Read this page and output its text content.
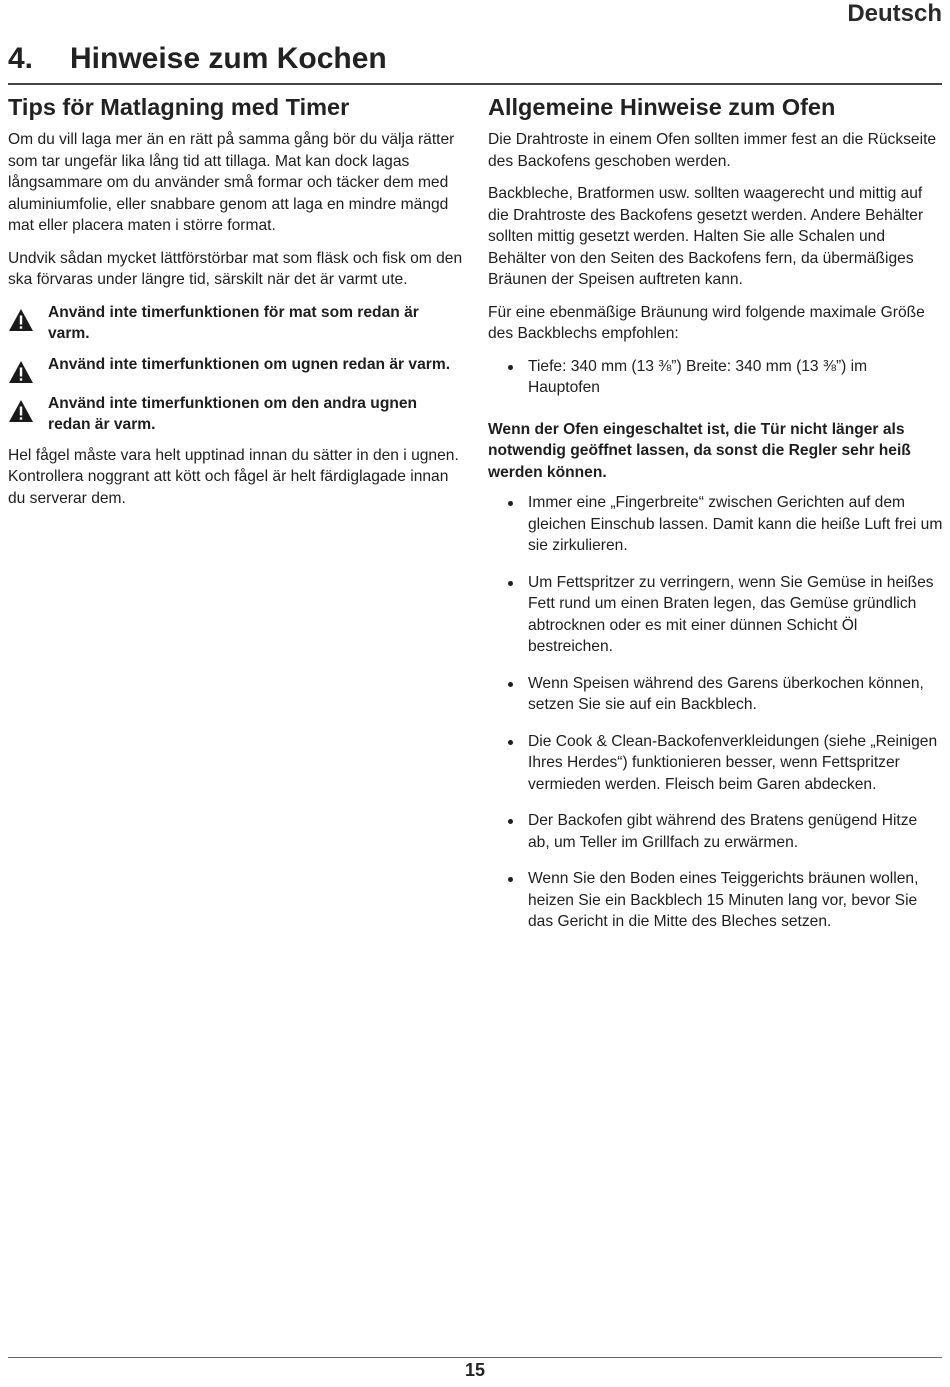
Deutsch
4. Hinweise zum Kochen
Tips för Matlagning med Timer

Om du vill laga mer än en rätt på samma gång bör du välja rätter som tar ungefär lika lång tid att tillaga. Mat kan dock lagas långsammare om du använder små formar och täcker dem med aluminiumfolie, eller snabbare genom att laga en mindre mängd mat eller placera maten i större format.

Undvik sådan mycket lättförstörbar mat som fläsk och fisk om den ska förvaras under längre tid, särskilt när det är varmt ute.

Använd inte timerfunktionen för mat som redan är varm.
Använd inte timerfunktionen om ugnen redan är varm.
Använd inte timerfunktionen om den andra ugnen redan är varm.

Hel fågel måste vara helt upptinad innan du sätter in den i ugnen. Kontrollera noggrant att kött och fågel är helt färdiglagade innan du serverar dem.

Allgemeine Hinweise zum Ofen

Die Drahtroste in einem Ofen sollten immer fest an die Rückseite des Backofens geschoben werden.

Backbleche, Bratformen usw. sollten waagerecht und mittig auf die Drahtroste des Backofens gesetzt werden. Andere Behälter sollten mittig gesetzt werden. Halten Sie alle Schalen und Behälter von den Seiten des Backofens fern, da übermäßiges Bräunen der Speisen auftreten kann.

Für eine ebenmäßige Bräunung wird folgende maximale Größe des Backblechs empfohlen:

Tiefe: 340 mm (13 ⅜”) Breite: 340 mm (13 ⅜”) im Hauptofen

Wenn der Ofen eingeschaltet ist, die Tür nicht länger als notwendig geöffnet lassen, da sonst die Regler sehr heiß werden können.

Immer eine „Fingerbreite“ zwischen Gerichten auf dem gleichen Einschub lassen. Damit kann die heiße Luft frei um sie zirkulieren.
Um Fettspritzer zu verringern, wenn Sie Gemüse in heißes Fett rund um einen Braten legen, das Gemüse gründlich abtrocknen oder es mit einer dünnen Schicht Öl bestreichen.
Wenn Speisen während des Garens überkochen können, setzen Sie sie auf ein Backblech.
Die Cook & Clean-Backofenverkleidungen (siehe „Reinigen Ihres Herdes“) funktionieren besser, wenn Fettspritzer vermieden werden. Fleisch beim Garen abdecken.
Der Backofen gibt während des Bratens genügend Hitze ab, um Teller im Grillfach zu erwärmen.
Wenn Sie den Boden eines Teiggerichts bräunen wollen, heizen Sie ein Backblech 15 Minuten lang vor, bevor Sie das Gericht in die Mitte des Bleches setzen.
15
